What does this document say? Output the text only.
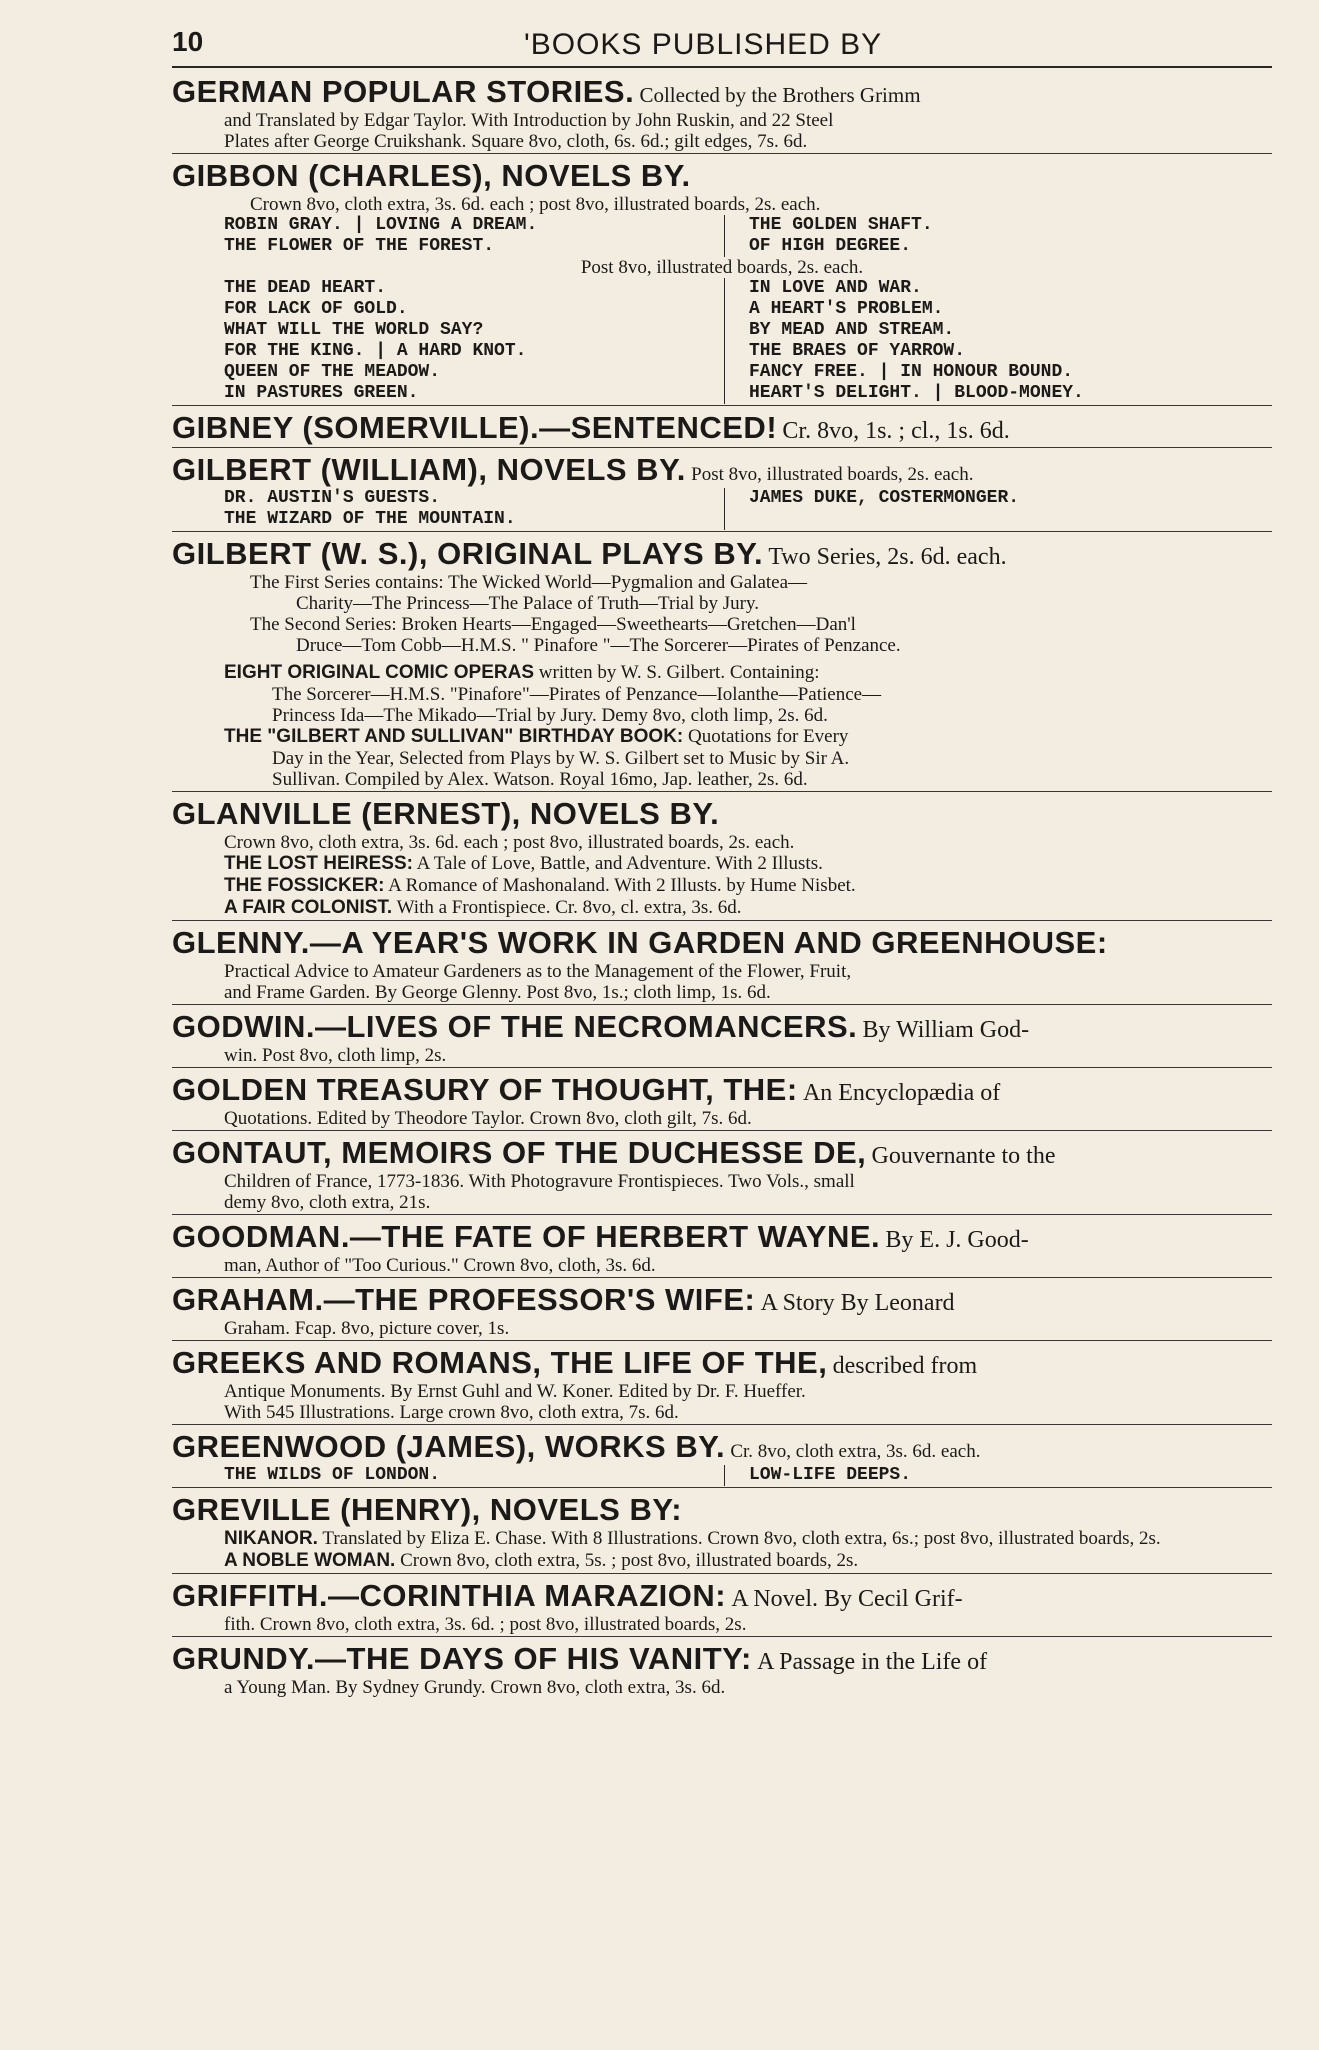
10	'BOOKS PUBLISHED BY
GERMAN POPULAR STORIES. Collected by the Brothers Grimm
and Translated by Edgar Taylor. With Introduction by John Ruskin, and 22 Steel
Plates after George Cruikshank. Square 8vo, cloth, 6s. 6d.; gilt edges, 7s. 6d.
GIBBON (CHARLES), NOVELS BY.
Crown 8vo, cloth extra, 3s. 6d. each ; post 8vo, illustrated boards, 2s. each.
ROBIN GRAY. | LOVING A DREAM.
THE FLOWER OF THE FOREST.
THE GOLDEN SHAFT.
OF HIGH DEGREE.
Post 8vo, illustrated boards, 2s. each.
THE DEAD HEART.
FOR LACK OF GOLD.
WHAT WILL THE WORLD SAY?
FOR THE KING. | A HARD KNOT.
QUEEN OF THE MEADOW.
IN PASTURES GREEN.
IN LOVE AND WAR.
A HEART'S PROBLEM.
BY MEAD AND STREAM.
THE BRAES OF YARROW.
FANCY FREE. | IN HONOUR BOUND.
HEART'S DELIGHT. | BLOOD-MONEY.
GIBNEY (SOMERVILLE).—SENTENCED! Cr. 8vo, 1s. ; cl., 1s. 6d.
GILBERT (WILLIAM), NOVELS BY. Post 8vo, illustrated boards, 2s. each.
DR. AUSTIN'S GUESTS.
THE WIZARD OF THE MOUNTAIN.
JAMES DUKE, COSTERMONGER.
GILBERT (W. S.), ORIGINAL PLAYS BY. Two Series, 2s. 6d. each.
The First Series contains: The Wicked World—Pygmalion and Galatea—
Charity—The Princess—The Palace of Truth—Trial by Jury.
The Second Series: Broken Hearts—Engaged—Sweethearts—Gretchen—Dan'l
Druce—Tom Cobb—H.M.S. " Pinafore "—The Sorcerer—Pirates of Penzance.
EIGHT ORIGINAL COMIC OPERAS written by W. S. Gilbert. Containing:
The Sorcerer—H.M.S. "Pinafore"—Pirates of Penzance—Iolanthe—Patience—
Princess Ida—The Mikado—Trial by Jury. Demy 8vo, cloth limp, 2s. 6d.
THE "GILBERT AND SULLIVAN" BIRTHDAY BOOK: Quotations for Every
Day in the Year, Selected from Plays by W. S. Gilbert set to Music by Sir A.
Sullivan. Compiled by Alex. Watson. Royal 16mo, Jap. leather, 2s. 6d.
GLANVILLE (ERNEST), NOVELS BY.
Crown 8vo, cloth extra, 3s. 6d. each ; post 8vo, illustrated boards, 2s. each.
THE LOST HEIRESS: A Tale of Love, Battle, and Adventure. With 2 Illusts.
THE FOSSICKER: A Romance of Mashonaland. With 2 Illusts. by Hume Nisbet.
A FAIR COLONIST. With a Frontispiece. Cr. 8vo, cl. extra, 3s. 6d.
GLENNY.—A YEAR'S WORK IN GARDEN AND GREENHOUSE:
Practical Advice to Amateur Gardeners as to the Management of the Flower, Fruit,
and Frame Garden. By George Glenny. Post 8vo, 1s.; cloth limp, 1s. 6d.
GODWIN.—LIVES OF THE NECROMANCERS. By William God-
win. Post 8vo, cloth limp, 2s.
GOLDEN TREASURY OF THOUGHT, THE: An Encyclopædia of
Quotations. Edited by Theodore Taylor. Crown 8vo, cloth gilt, 7s. 6d.
GONTAUT, MEMOIRS OF THE DUCHESSE DE, Gouvernante to the
Children of France, 1773-1836. With Photogravure Frontispieces. Two Vols., small
demy 8vo, cloth extra, 21s.
GOODMAN.—THE FATE OF HERBERT WAYNE. By E. J. Good-
man, Author of "Too Curious." Crown 8vo, cloth, 3s. 6d.
GRAHAM.—THE PROFESSOR'S WIFE: A Story By Leonard
Graham. Fcap. 8vo, picture cover, 1s.
GREEKS AND ROMANS, THE LIFE OF THE, described from
Antique Monuments. By Ernst Guhl and W. Koner. Edited by Dr. F. Hueffer.
With 545 Illustrations. Large crown 8vo, cloth extra, 7s. 6d.
GREENWOOD (JAMES), WORKS BY. Cr. 8vo, cloth extra, 3s. 6d. each.
THE WILDS OF LONDON.	LOW-LIFE DEEPS.
GREVILLE (HENRY), NOVELS BY:
NIKANOR. Translated by Eliza E. Chase. With 8 Illustrations. Crown 8vo, cloth extra, 6s.; post 8vo, illustrated boards, 2s.
A NOBLE WOMAN. Crown 8vo, cloth extra, 5s. ; post 8vo, illustrated boards, 2s.
GRIFFITH.—CORINTHIA MARAZION: A Novel. By Cecil Grif-
fith. Crown 8vo, cloth extra, 3s. 6d. ; post 8vo, illustrated boards, 2s.
GRUNDY.—THE DAYS OF HIS VANITY: A Passage in the Life of
a Young Man. By Sydney Grundy. Crown 8vo, cloth extra, 3s. 6d.
